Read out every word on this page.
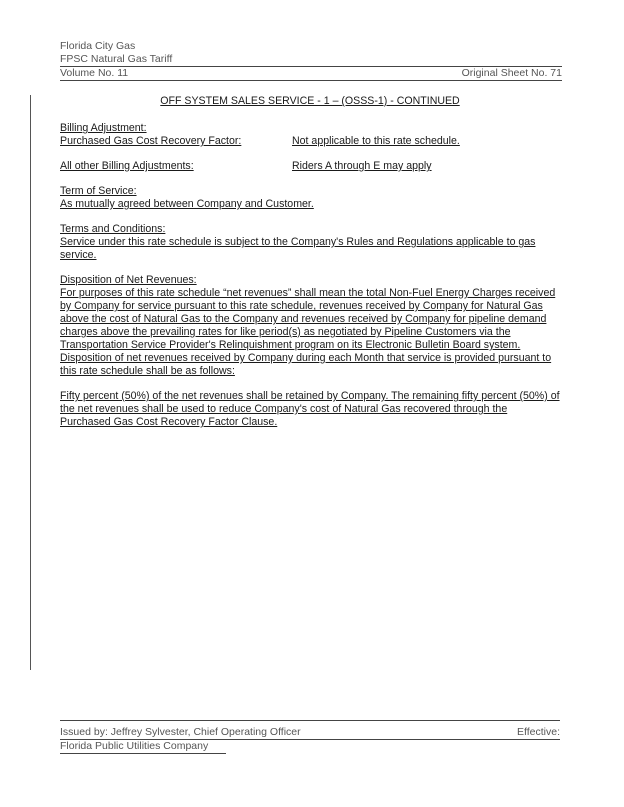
Florida City Gas
FPSC Natural Gas Tariff
Volume No. 11	Original Sheet No. 71
OFF SYSTEM SALES SERVICE - 1 – (OSSS-1) - CONTINUED
Billing Adjustment:
Purchased Gas Cost Recovery Factor:	Not applicable to this rate schedule.
All other Billing Adjustments:	Riders A through E may apply
Term of Service:
As mutually agreed between Company and Customer.
Terms and Conditions:

Service under this rate schedule is subject to the Company's Rules and Regulations applicable to gas service.

Disposition of Net Revenues:

For purposes of this rate schedule “net revenues” shall mean the total Non-Fuel Energy Charges received by Company for service pursuant to this rate schedule, revenues received by Company for Natural Gas above the cost of Natural Gas to the Company and revenues received by Company for pipeline demand charges above the prevailing rates for like period(s) as negotiated by Pipeline Customers via the Transportation Service Provider's Relinquishment program on its Electronic Bulletin Board system. Disposition of net revenues received by Company during each Month that service is provided pursuant to this rate schedule shall be as follows:

Fifty percent (50%) of the net revenues shall be retained by Company. The remaining fifty percent (50%) of the net revenues shall be used to reduce Company's cost of Natural Gas recovered through the Purchased Gas Cost Recovery Factor Clause.

Issued by: Jeffrey Sylvester, Chief Operating Officer	Effective:
Florida Public Utilities Company
